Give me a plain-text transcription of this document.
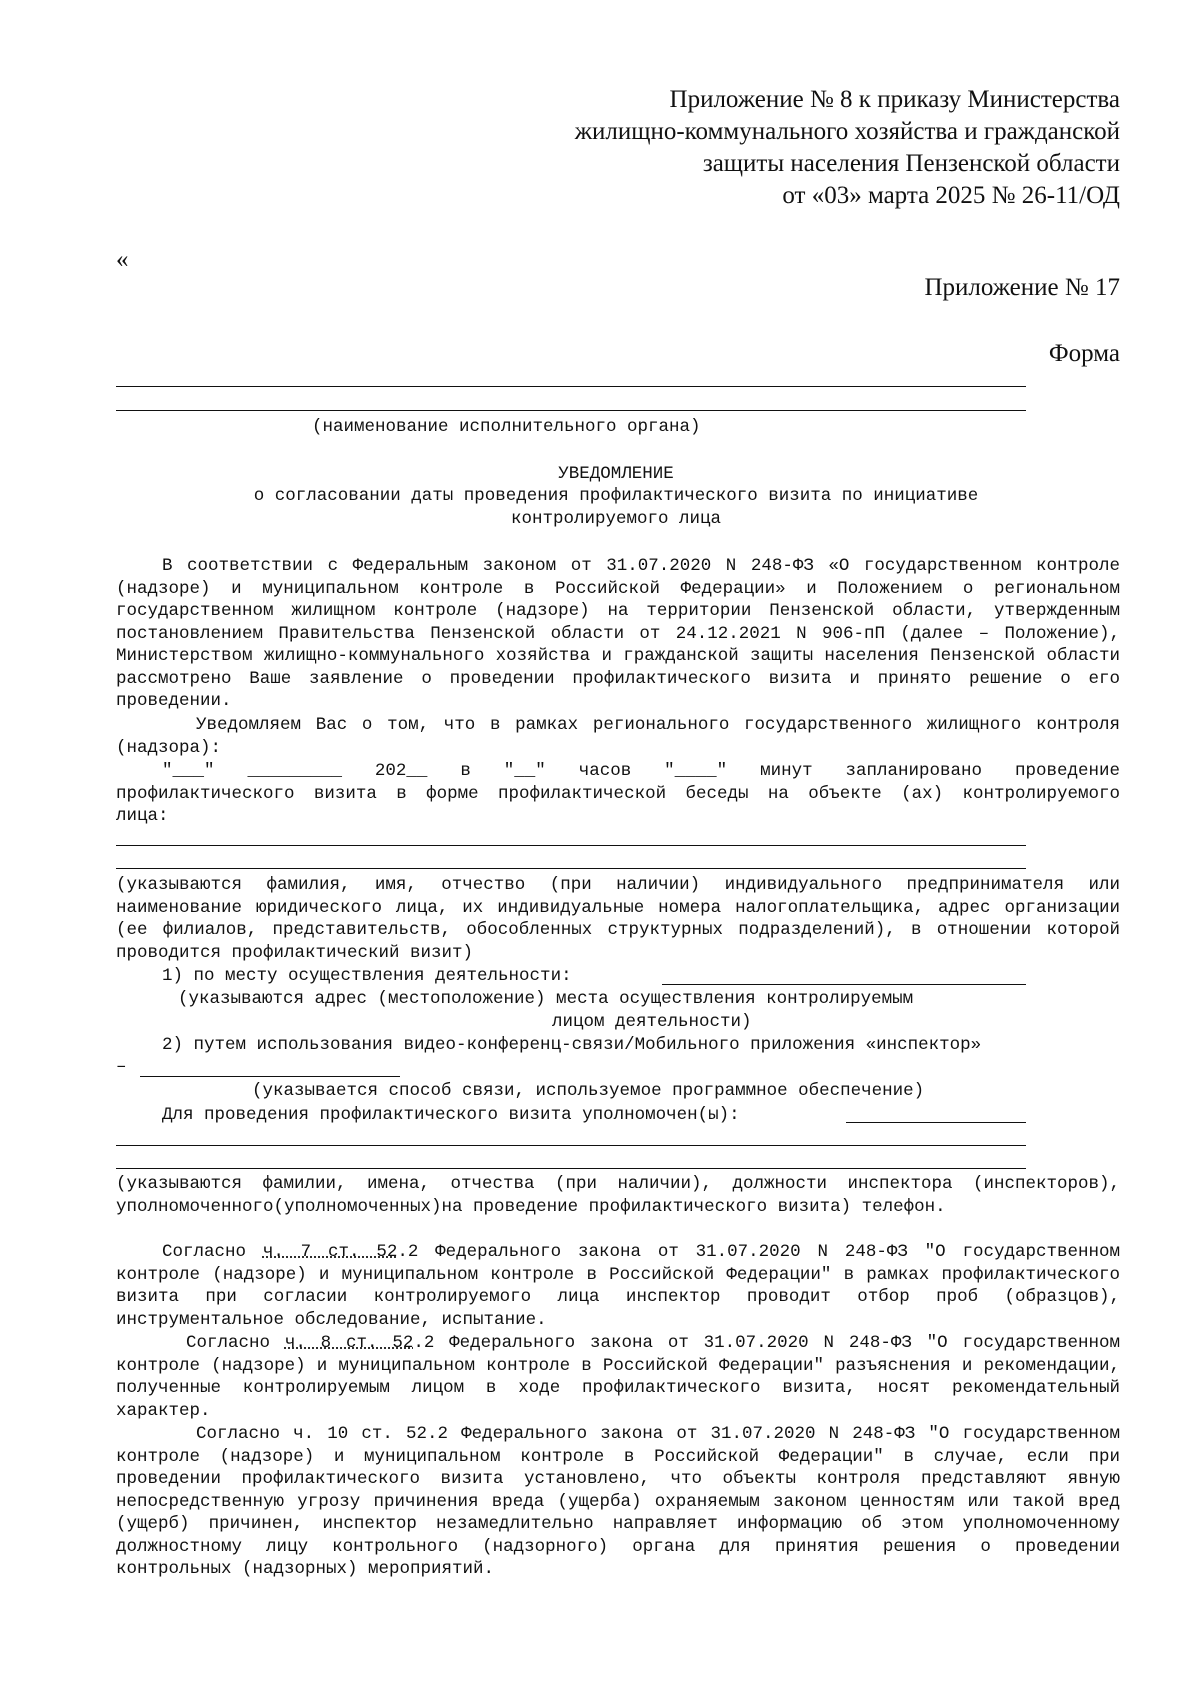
Приложение № 8 к приказу Министерства
жилищно-коммунального хозяйства и гражданской
защиты населения Пензенской области
от «03» марта 2025 № 26-11/ОД
«
Приложение № 17
Форма
(наименование исполнительного органа)
УВЕДОМЛЕНИЕ
о согласовании даты проведения профилактического визита по инициативе
контролируемого лица
В соответствии с Федеральным законом от 31.07.2020 N 248-ФЗ «О государственном контроле (надзоре) и муниципальном контроле в Российской Федерации» и Положением о региональном государственном жилищном контроле (надзоре) на территории Пензенской области, утвержденным постановлением Правительства Пензенской области от 24.12.2021 N 906-пП (далее – Положение), Министерством жилищно-коммунального хозяйства и гражданской защиты населения Пензенской области рассмотрено Ваше заявление о проведении профилактического визита и принято решение о его проведении.
Уведомляем Вас о том, что в рамках регионального государственного жилищного контроля (надзора):
"___" _________ 202__ в "__" часов "____" минут запланировано проведение профилактического визита в форме профилактической беседы на объекте (ах) контролируемого лица:
(указываются фамилия, имя, отчество (при наличии) индивидуального предпринимателя или наименование юридического лица, их индивидуальные номера налогоплательщика, адрес организации (ее филиалов, представительств, обособленных структурных подразделений), в отношении которой проводится профилактический визит)
1) по месту осуществления деятельности:
(указываются адрес (местоположение) места осуществления контролируемым
лицом деятельности)
2) путем использования видео-конференц-связи/Мобильного приложения «инспектор»
–
(указывается способ связи, используемое программное обеспечение)
Для проведения профилактического визита уполномочен(ы):
(указываются фамилии, имена, отчества (при наличии), должности инспектора (инспекторов), уполномоченного(уполномоченных)на проведение профилактического визита) телефон.
Согласно ч. 7 ст. 52.2 Федерального закона от 31.07.2020 N 248-ФЗ "О государственном контроле (надзоре) и муниципальном контроле в Российской Федерации" в рамках профилактического визита при согласии контролируемого лица инспектор проводит отбор проб (образцов), инструментальное обследование, испытание.
Согласно ч. 8 ст. 52.2 Федерального закона от 31.07.2020 N 248-ФЗ "О государственном контроле (надзоре) и муниципальном контроле в Российской Федерации" разъяснения и рекомендации, полученные контролируемым лицом в ходе профилактического визита, носят рекомендательный характер.
Согласно ч. 10 ст. 52.2 Федерального закона от 31.07.2020 N 248-ФЗ "О государственном контроле (надзоре) и муниципальном контроле в Российской Федерации" в случае, если при проведении профилактического визита установлено, что объекты контроля представляют явную непосредственную угрозу причинения вреда (ущерба) охраняемым законом ценностям или такой вред (ущерб) причинен, инспектор незамедлительно направляет информацию об этом уполномоченному должностному лицу контрольного (надзорного) органа для принятия решения о проведении контрольных (надзорных) мероприятий.
